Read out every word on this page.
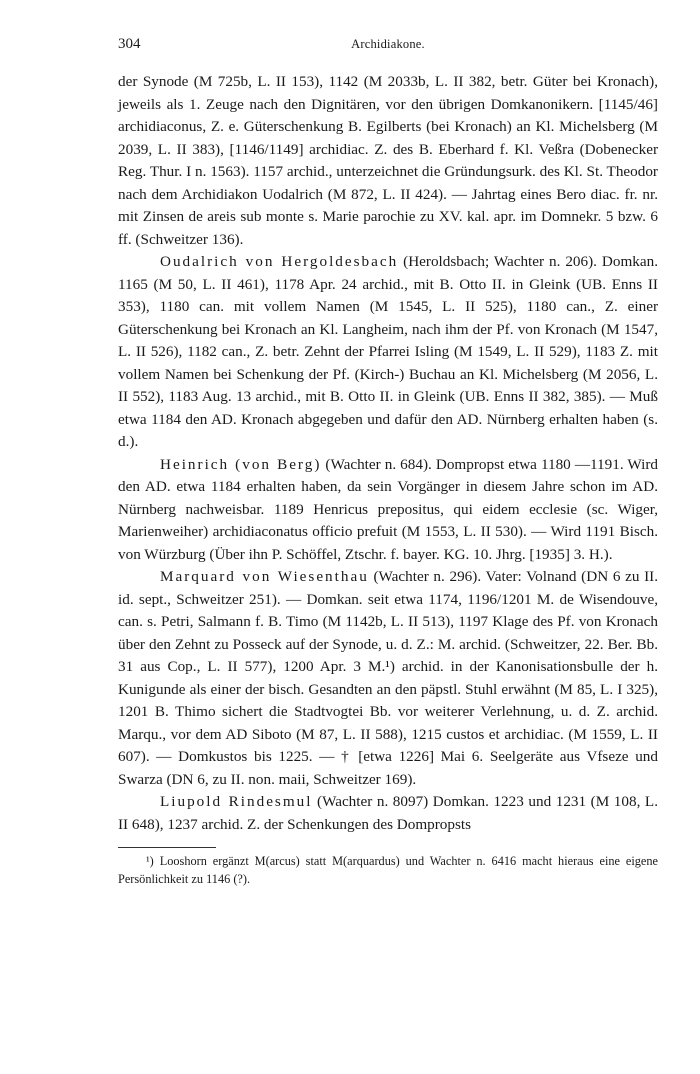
304	Archidiakone.

der Synode (M 725b, L. II 153), 1142 (M 2033b, L. II 382, betr. Güter bei Kronach), jeweils als 1. Zeuge nach den Dignitären, vor den übrigen Domkanonikern. [1145/46] archidiaconus, Z. e. Güterschenkung B. Egilberts (bei Kronach) an Kl. Michelsberg (M 2039, L. II 383), [1146/1149] archidiac. Z. des B. Eberhard f. Kl. Veßra (Dobenecker Reg. Thur. I n. 1563). 1157 archid., unterzeichnet die Gründungsurk. des Kl. St. Theodor nach dem Archidiakon Uodalrich (M 872, L. II 424). — Jahrtag eines Bero diac. fr. nr. mit Zinsen de areis sub monte s. Marie parochie zu XV. kal. apr. im Domnekr. 5 bzw. 6 ff. (Schweitzer 136).

Oudalrich von Hergoldesbach (Heroldsbach; Wachter n. 206). Domkan. 1165 (M 50, L. II 461), 1178 Apr. 24 archid., mit B. Otto II. in Gleink (UB. Enns II 353), 1180 can. mit vollem Namen (M 1545, L. II 525), 1180 can., Z. einer Güterschenkung bei Kronach an Kl. Langheim, nach ihm der Pf. von Kronach (M 1547, L. II 526), 1182 can., Z. betr. Zehnt der Pfarrei Isling (M 1549, L. II 529), 1183 Z. mit vollem Namen bei Schenkung der Pf. (Kirch-) Buchau an Kl. Michelsberg (M 2056, L. II 552), 1183 Aug. 13 archid., mit B. Otto II. in Gleink (UB. Enns II 382, 385). — Muß etwa 1184 den AD. Kronach abgegeben und dafür den AD. Nürnberg erhalten haben (s. d.).

Heinrich (von Berg) (Wachter n. 684). Dompropst etwa 1180 —1191. Wird den AD. etwa 1184 erhalten haben, da sein Vorgänger in diesem Jahre schon im AD. Nürnberg nachweisbar. 1189 Henricus prepositus, qui eidem ecclesie (sc. Wiger, Marienweiher) archidiaconatus officio prefuit (M 1553, L. II 530). — Wird 1191 Bisch. von Würzburg (Über ihn P. Schöffel, Ztschr. f. bayer. KG. 10. Jhrg. [1935] 3. H.).

Marquard von Wiesenthau (Wachter n. 296). Vater: Volnand (DN 6 zu II. id. sept., Schweitzer 251). — Domkan. seit etwa 1174, 1196/1201 M. de Wisendouve, can. s. Petri, Salmann f. B. Timo (M 1142b, L. II 513), 1197 Klage des Pf. von Kronach über den Zehnt zu Posseck auf der Synode, u. d. Z.: M. archid. (Schweitzer, 22. Ber. Bb. 31 aus Cop., L. II 577), 1200 Apr. 3 M.¹) archid. in der Kanonisationsbulle der h. Kunigunde als einer der bisch. Gesandten an den päpstl. Stuhl erwähnt (M 85, L. I 325), 1201 B. Thimo sichert die Stadtvogtei Bb. vor weiterer Verlehnung, u. d. Z. archid. Marqu., vor dem AD Siboto (M 87, L. II 588), 1215 custos et archidiac. (M 1559, L. II 607). — Domkustos bis 1225. — † [etwa 1226] Mai 6. Seelgeräte aus Vfseze und Swarza (DN 6, zu II. non. maii, Schweitzer 169).

Liupold Rindesmul (Wachter n. 8097) Domkan. 1223 und 1231 (M 108, L. II 648), 1237 archid. Z. der Schenkungen des Dompropsts

¹) Looshorn ergänzt M(arcus) statt M(arquardus) und Wachter n. 6416 macht hieraus eine eigene Persönlichkeit zu 1146 (?).
